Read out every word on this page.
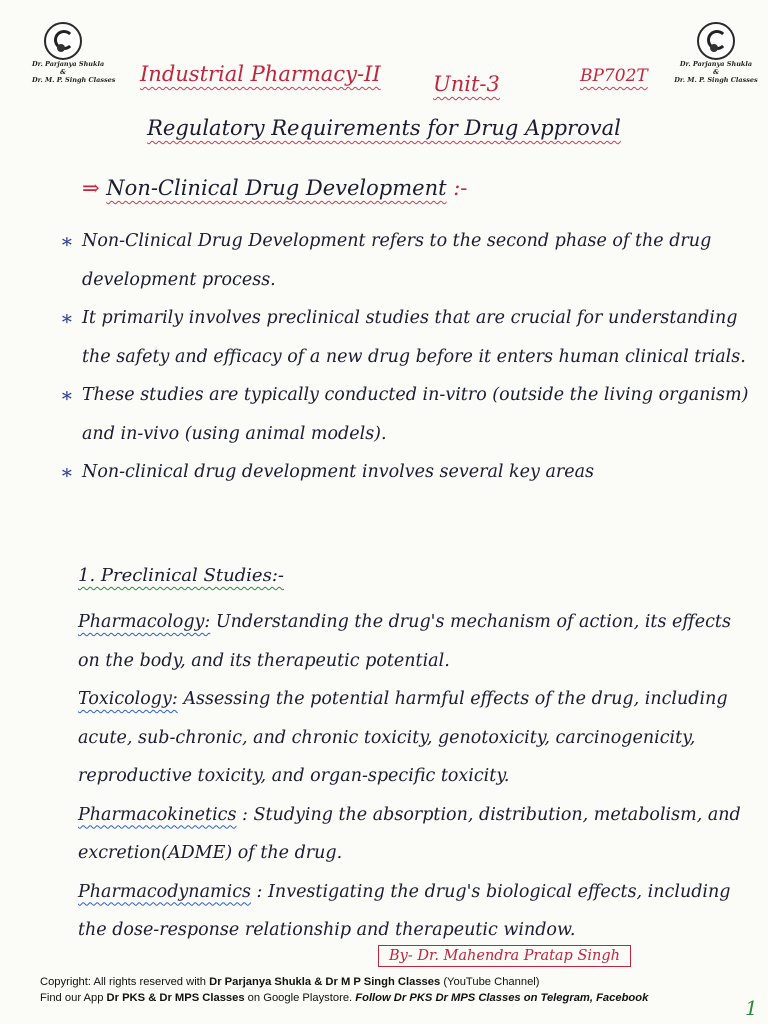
Dr. Parjanya Shukla
&
Dr. M. P. Singh Classes
Dr. Parjanya Shukla
&
Dr. M. P. Singh Classes
Industrial Pharmacy-II Unit-3	BP702T
Regulatory Requirements for Drug Approval
⇒ Non-Clinical Drug Development :-
∗ Non-Clinical Drug Development refers to the second phase of the drug development process.
∗ It primarily involves preclinical studies that are crucial for understanding the safety and efficacy of a new drug before it enters human clinical trials.
∗ These studies are typically conducted in-vitro (outside the living organism) and in-vivo (using animal models).
∗ Non-clinical drug development involves several key areas
1. Preclinical Studies:-

Pharmacology: Understanding the drug's mechanism of action, its effects on the body, and its therapeutic potential.

Toxicology: Assessing the potential harmful effects of the drug, including acute, sub-chronic, and chronic toxicity, genotoxicity, carcinogenicity, reproductive toxicity, and organ-specific toxicity.

Pharmacokinetics : Studying the absorption, distribution, metabolism, and excretion(ADME) of the drug.

Pharmacodynamics : Investigating the drug's biological effects, including the dose-response relationship and therapeutic window.

By- Dr. Mahendra Pratap Singh
Copyright: All rights reserved with Dr Parjanya Shukla & Dr M P Singh Classes (YouTube Channel)
Find our App Dr PKS & Dr MPS Classes on Google Playstore. Follow Dr PKS Dr MPS Classes on Telegram, Facebook	1
